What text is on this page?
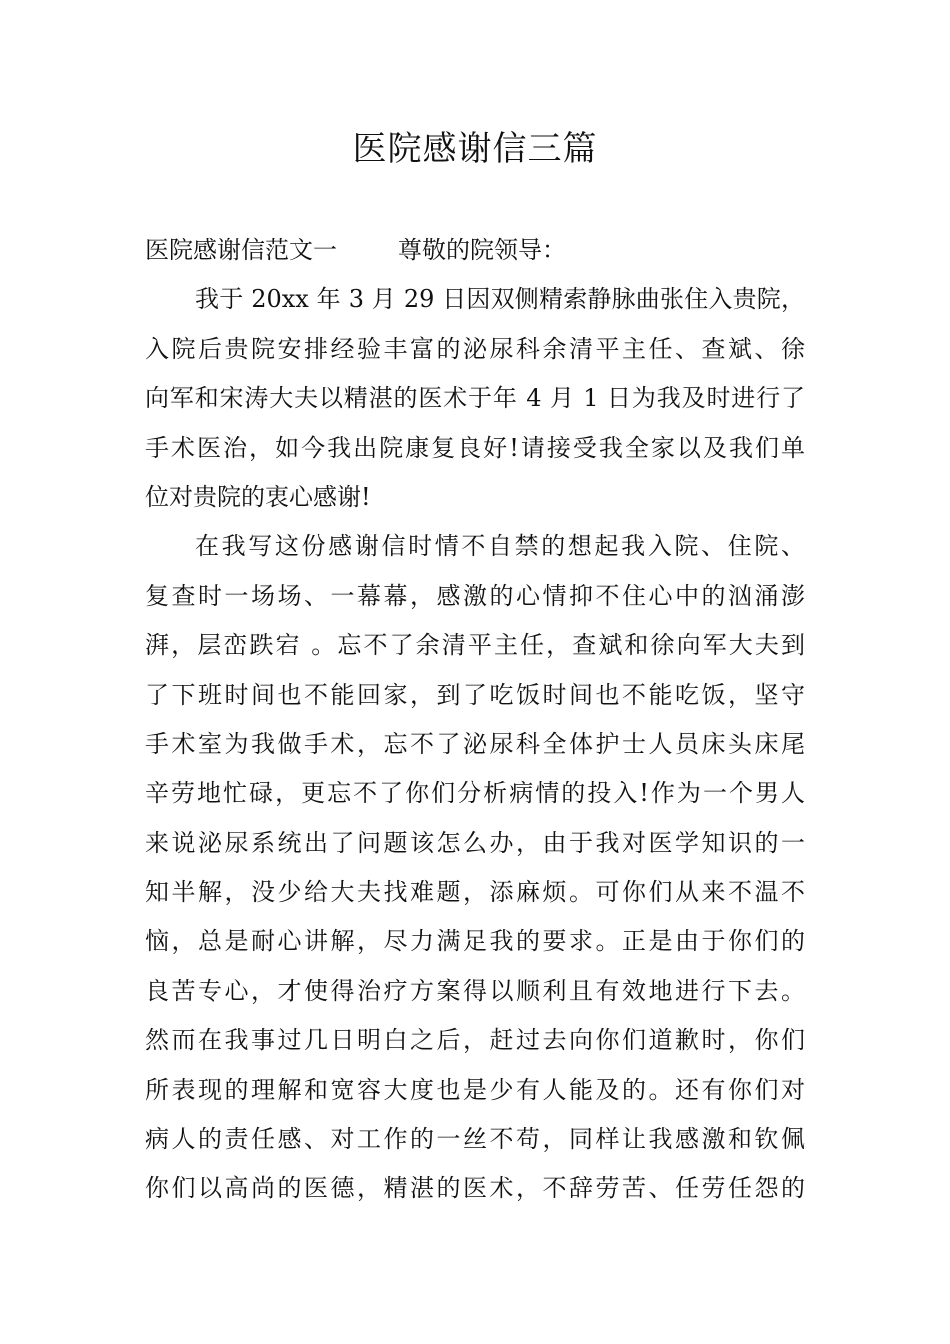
医院感谢信三篇
医院感谢信范文一        尊敬的院领导：
我于 20xx 年 3 月 29 日因双侧精索静脉曲张住入贵院，
入院后贵院安排经验丰富的泌尿科余清平主任、查斌、徐
向军和宋涛大夫以精湛的医术于年 4 月 1 日为我及时进行了
手术医治，如今我出院康复良好!请接受我全家以及我们单
位对贵院的衷心感谢!
在我写这份感谢信时情不自禁的想起我入院、住院、
复查时一场场、一幕幕，感激的心情抑不住心中的汹涌澎
湃，层峦跌宕 。忘不了余清平主任，查斌和徐向军大夫到
了下班时间也不能回家，到了吃饭时间也不能吃饭，坚守
手术室为我做手术，忘不了泌尿科全体护士人员床头床尾
辛劳地忙碌，更忘不了你们分析病情的投入!作为一个男人
来说泌尿系统出了问题该怎么办，由于我对医学知识的一
知半解，没少给大夫找难题，添麻烦。可你们从来不温不
恼，总是耐心讲解，尽力满足我的要求。正是由于你们的
良苦专心，才使得治疗方案得以顺利且有效地进行下去。
然而在我事过几日明白之后，赶过去向你们道歉时，你们
所表现的理解和宽容大度也是少有人能及的。还有你们对
病人的责任感、对工作的一丝不苟，同样让我感激和钦佩
你们以高尚的医德，精湛的医术，不辞劳苦、任劳任怨的
